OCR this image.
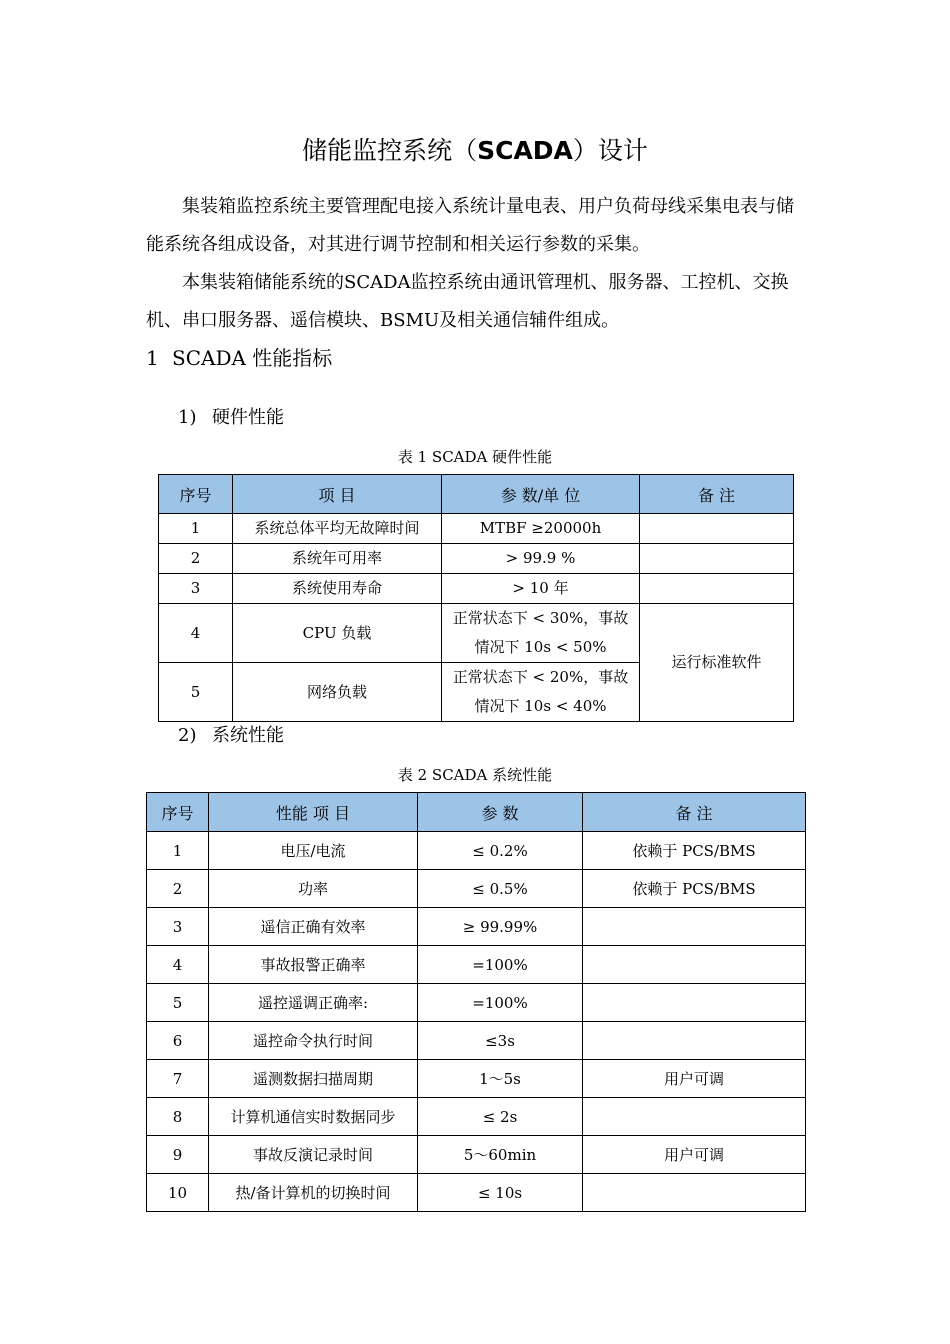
储能监控系统（SCADA）设计
集装箱监控系统主要管理配电接入系统计量电表、用户负荷母线采集电表与储能系统各组成设备，对其进行调节控制和相关运行参数的采集。
本集装箱储能系统的SCADA监控系统由通讯管理机、服务器、工控机、交换机、串口服务器、遥信模块、BSMU及相关通信辅件组成。
1 SCADA 性能指标
1) 硬件性能
表 1 SCADA 硬件性能
序号	项 目	参 数/单 位	备 注
1	系统总体平均无故障时间	MTBF ≥20000h	
2	系统年可用率	> 99.9 %	
3	系统使用寿命	> 10 年	
4	CPU 负载	正常状态下 < 30%，事故
情况下 10s < 50%	运行标准软件
5	网络负载	正常状态下 < 20%，事故
情况下 10s < 40%	
2) 系统性能
表 2 SCADA 系统性能
序号	性能 项 目	参 数	备 注
1	电压/电流	≤ 0.2%	依赖于 PCS/BMS
2	功率	≤ 0.5%	依赖于 PCS/BMS
3	遥信正确有效率	≥ 99.99%	
4	事故报警正确率	=100%	
5	遥控遥调正确率:	=100%	
6	遥控命令执行时间	≤3s	
7	遥测数据扫描周期	1～5s	用户可调
8	计算机通信实时数据同步	≤ 2s	
9	事故反演记录时间	5～60min	用户可调
10	热/备计算机的切换时间	≤ 10s	
